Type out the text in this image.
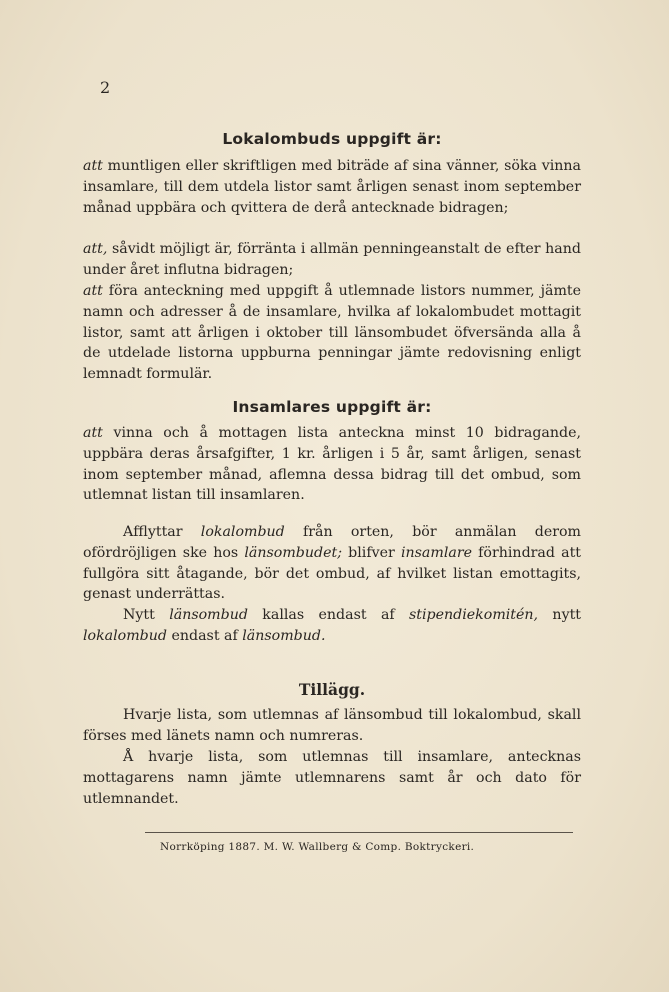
2
Lokalombuds uppgift är:
att muntligen eller skriftligen med biträde af sina vänner, söka vinna insamlare, till dem utdela listor samt årligen senast inom september månad uppbära och qvittera de derå antecknade bidragen;
att, såvidt möjligt är, förränta i allmän penningeanstalt de efter hand under året influtna bidragen;
att föra anteckning med uppgift å utlemnade listors nummer, jämte namn och adresser å de insamlare, hvilka af lokalombudet mottagit listor, samt att årligen i oktober till länsombudet öfversända alla å de utdelade listorna uppburna penningar jämte redovisning enligt lemnadt formulär.
Insamlares uppgift är:
att vinna och å mottagen lista anteckna minst 10 bidragande, uppbära deras årsafgifter, 1 kr. årligen i 5 år, samt årligen, senast inom september månad, aflemna dessa bidrag till det ombud, som utlemnat listan till insamlaren.
Afflyttar lokalombud från orten, bör anmälan derom ofördröjligen ske hos länsombudet; blifver insamlare förhindrad att fullgöra sitt åtagande, bör det ombud, af hvilket listan emottagits, genast underrättas.
Nytt länsombud kallas endast af stipendiekomitén, nytt lokalombud endast af länsombud.
Tillägg.
Hvarje lista, som utlemnas af länsombud till lokalombud, skall förses med länets namn och numreras.
Å hvarje lista, som utlemnas till insamlare, antecknas mottagarens namn jämte utlemnarens samt år och dato för utlemnandet.
Norrköping 1887. M. W. Wallberg & Comp. Boktryckeri.
